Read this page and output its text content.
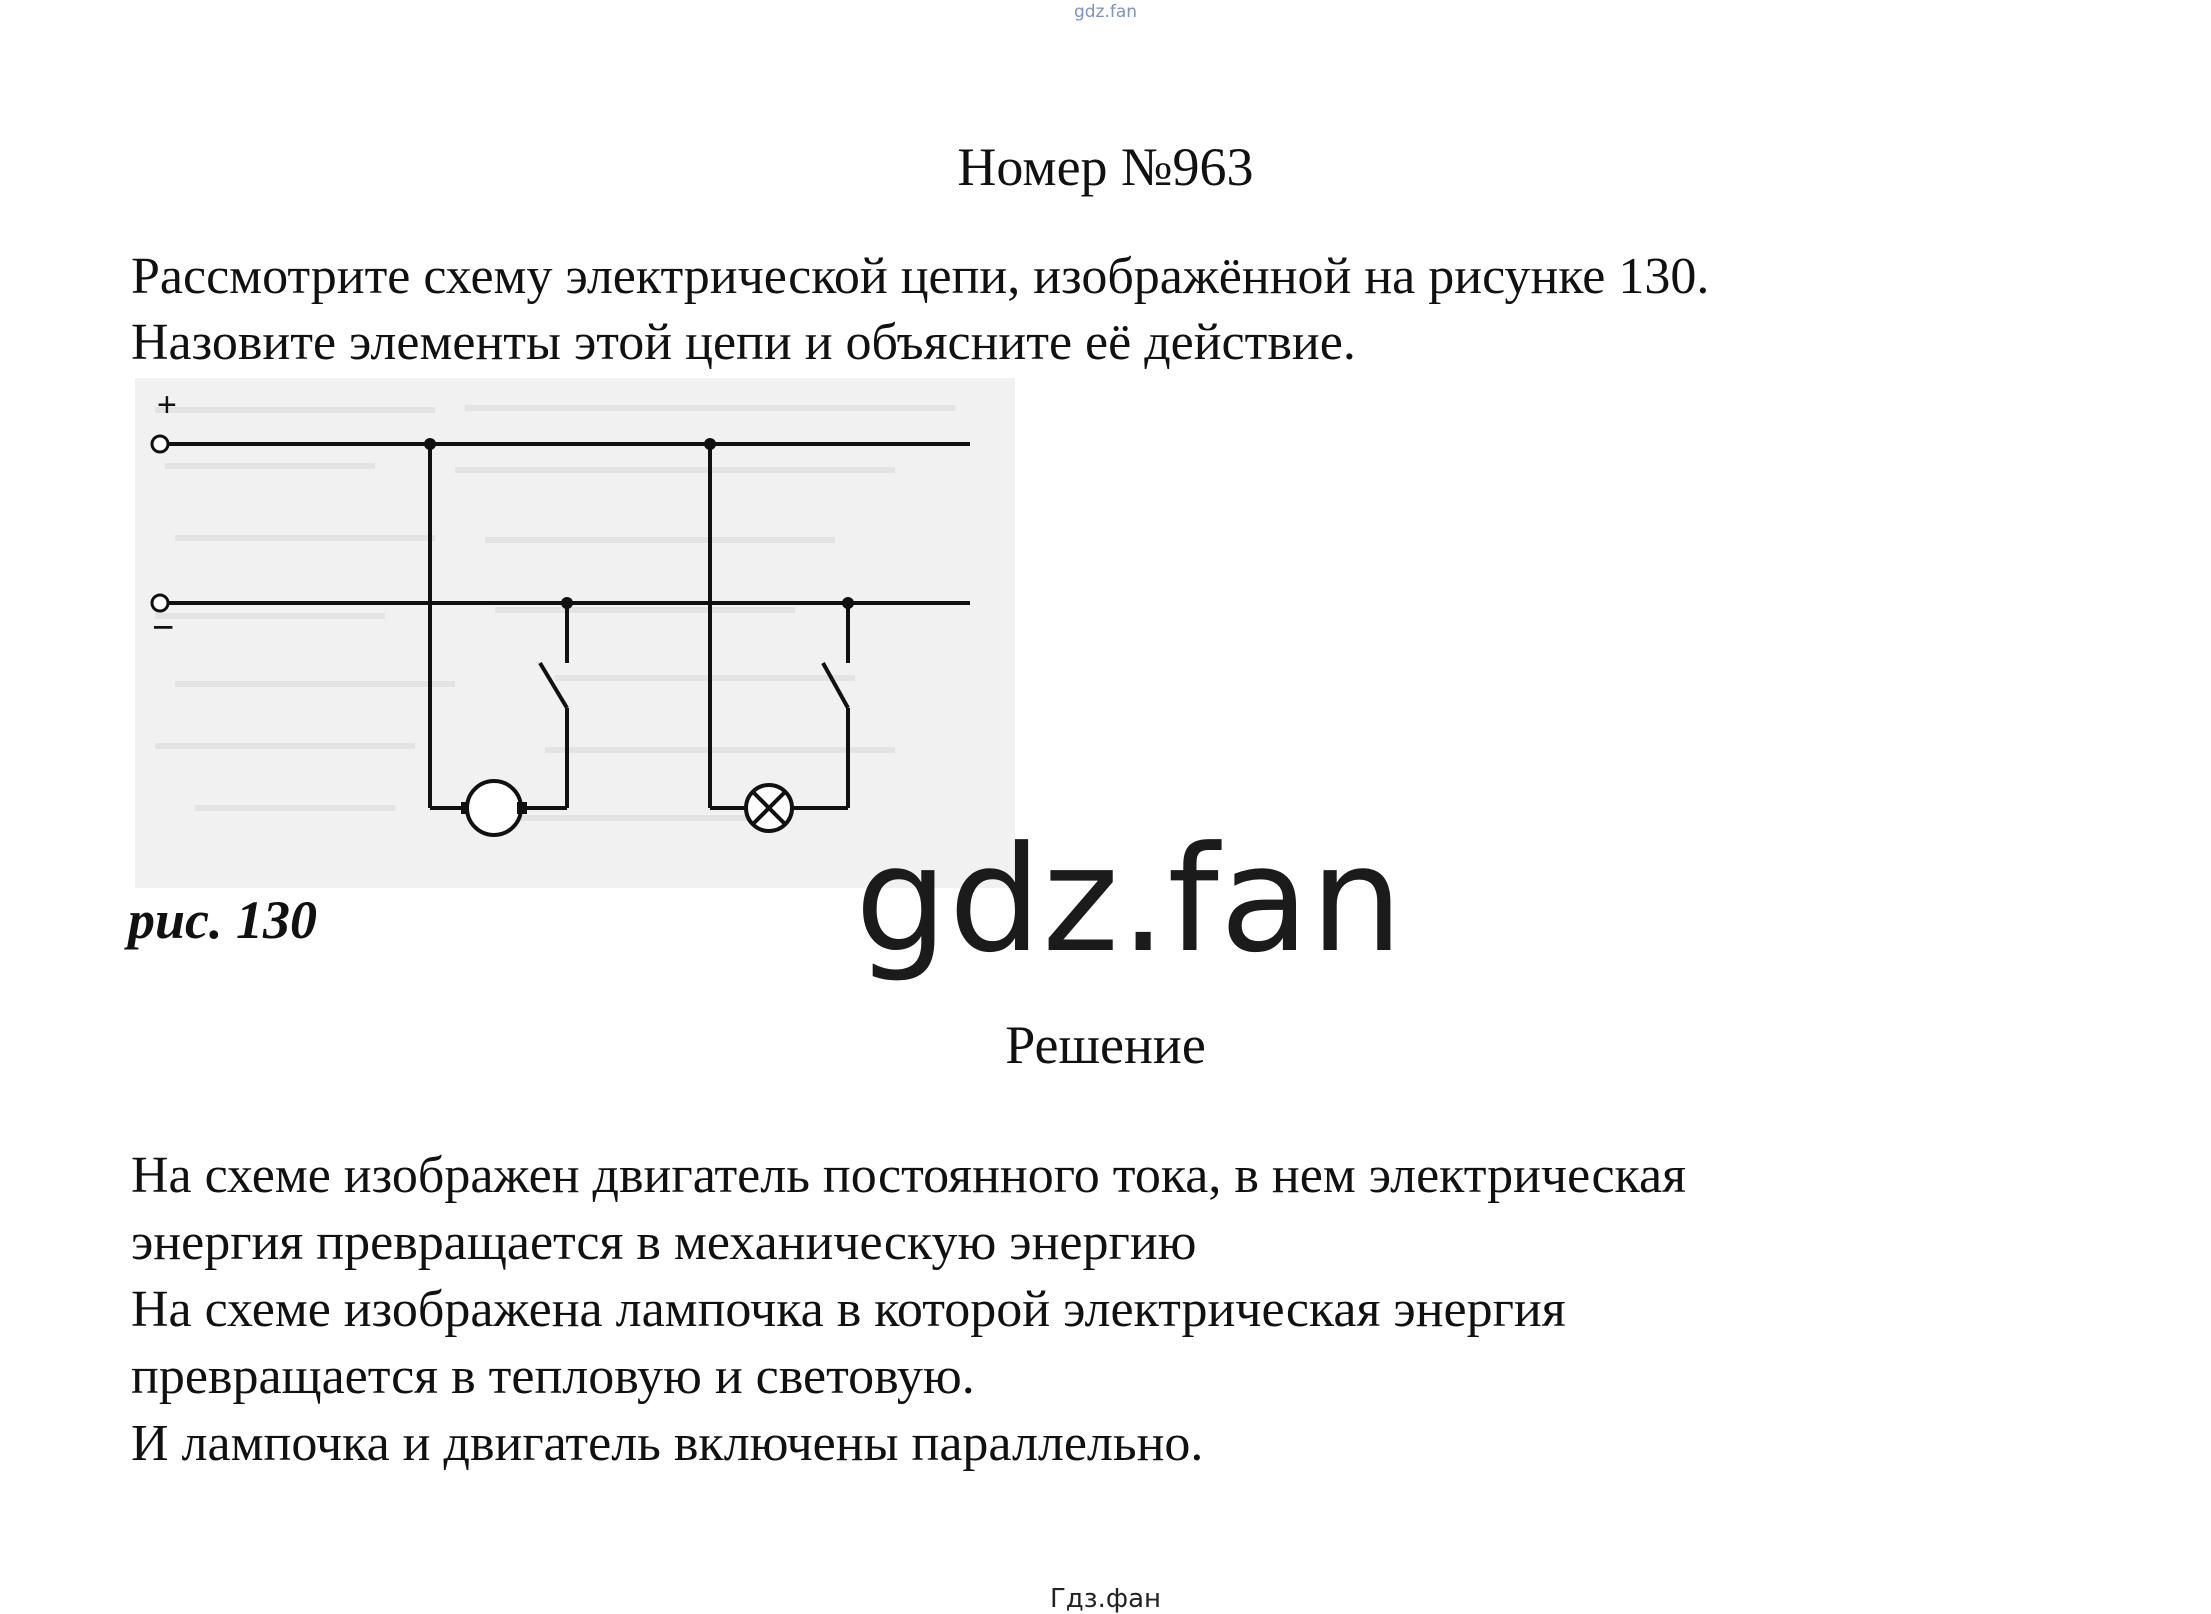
gdz.fan
Номер №963
Рассмотрите схему электрической цепи, изображённой на рисунке 130.
Назовите элементы этой цепи и объясните её действие.
+
−
рис. 130	gdz.fan
Решение
На схеме изображен двигатель постоянного тока, в нем электрическая
энергия превращается в механическую энергию
На схеме изображена лампочка в которой электрическая энергия
превращается в тепловую и световую.
И лампочка и двигатель включены параллельно.
Гдз.фан
